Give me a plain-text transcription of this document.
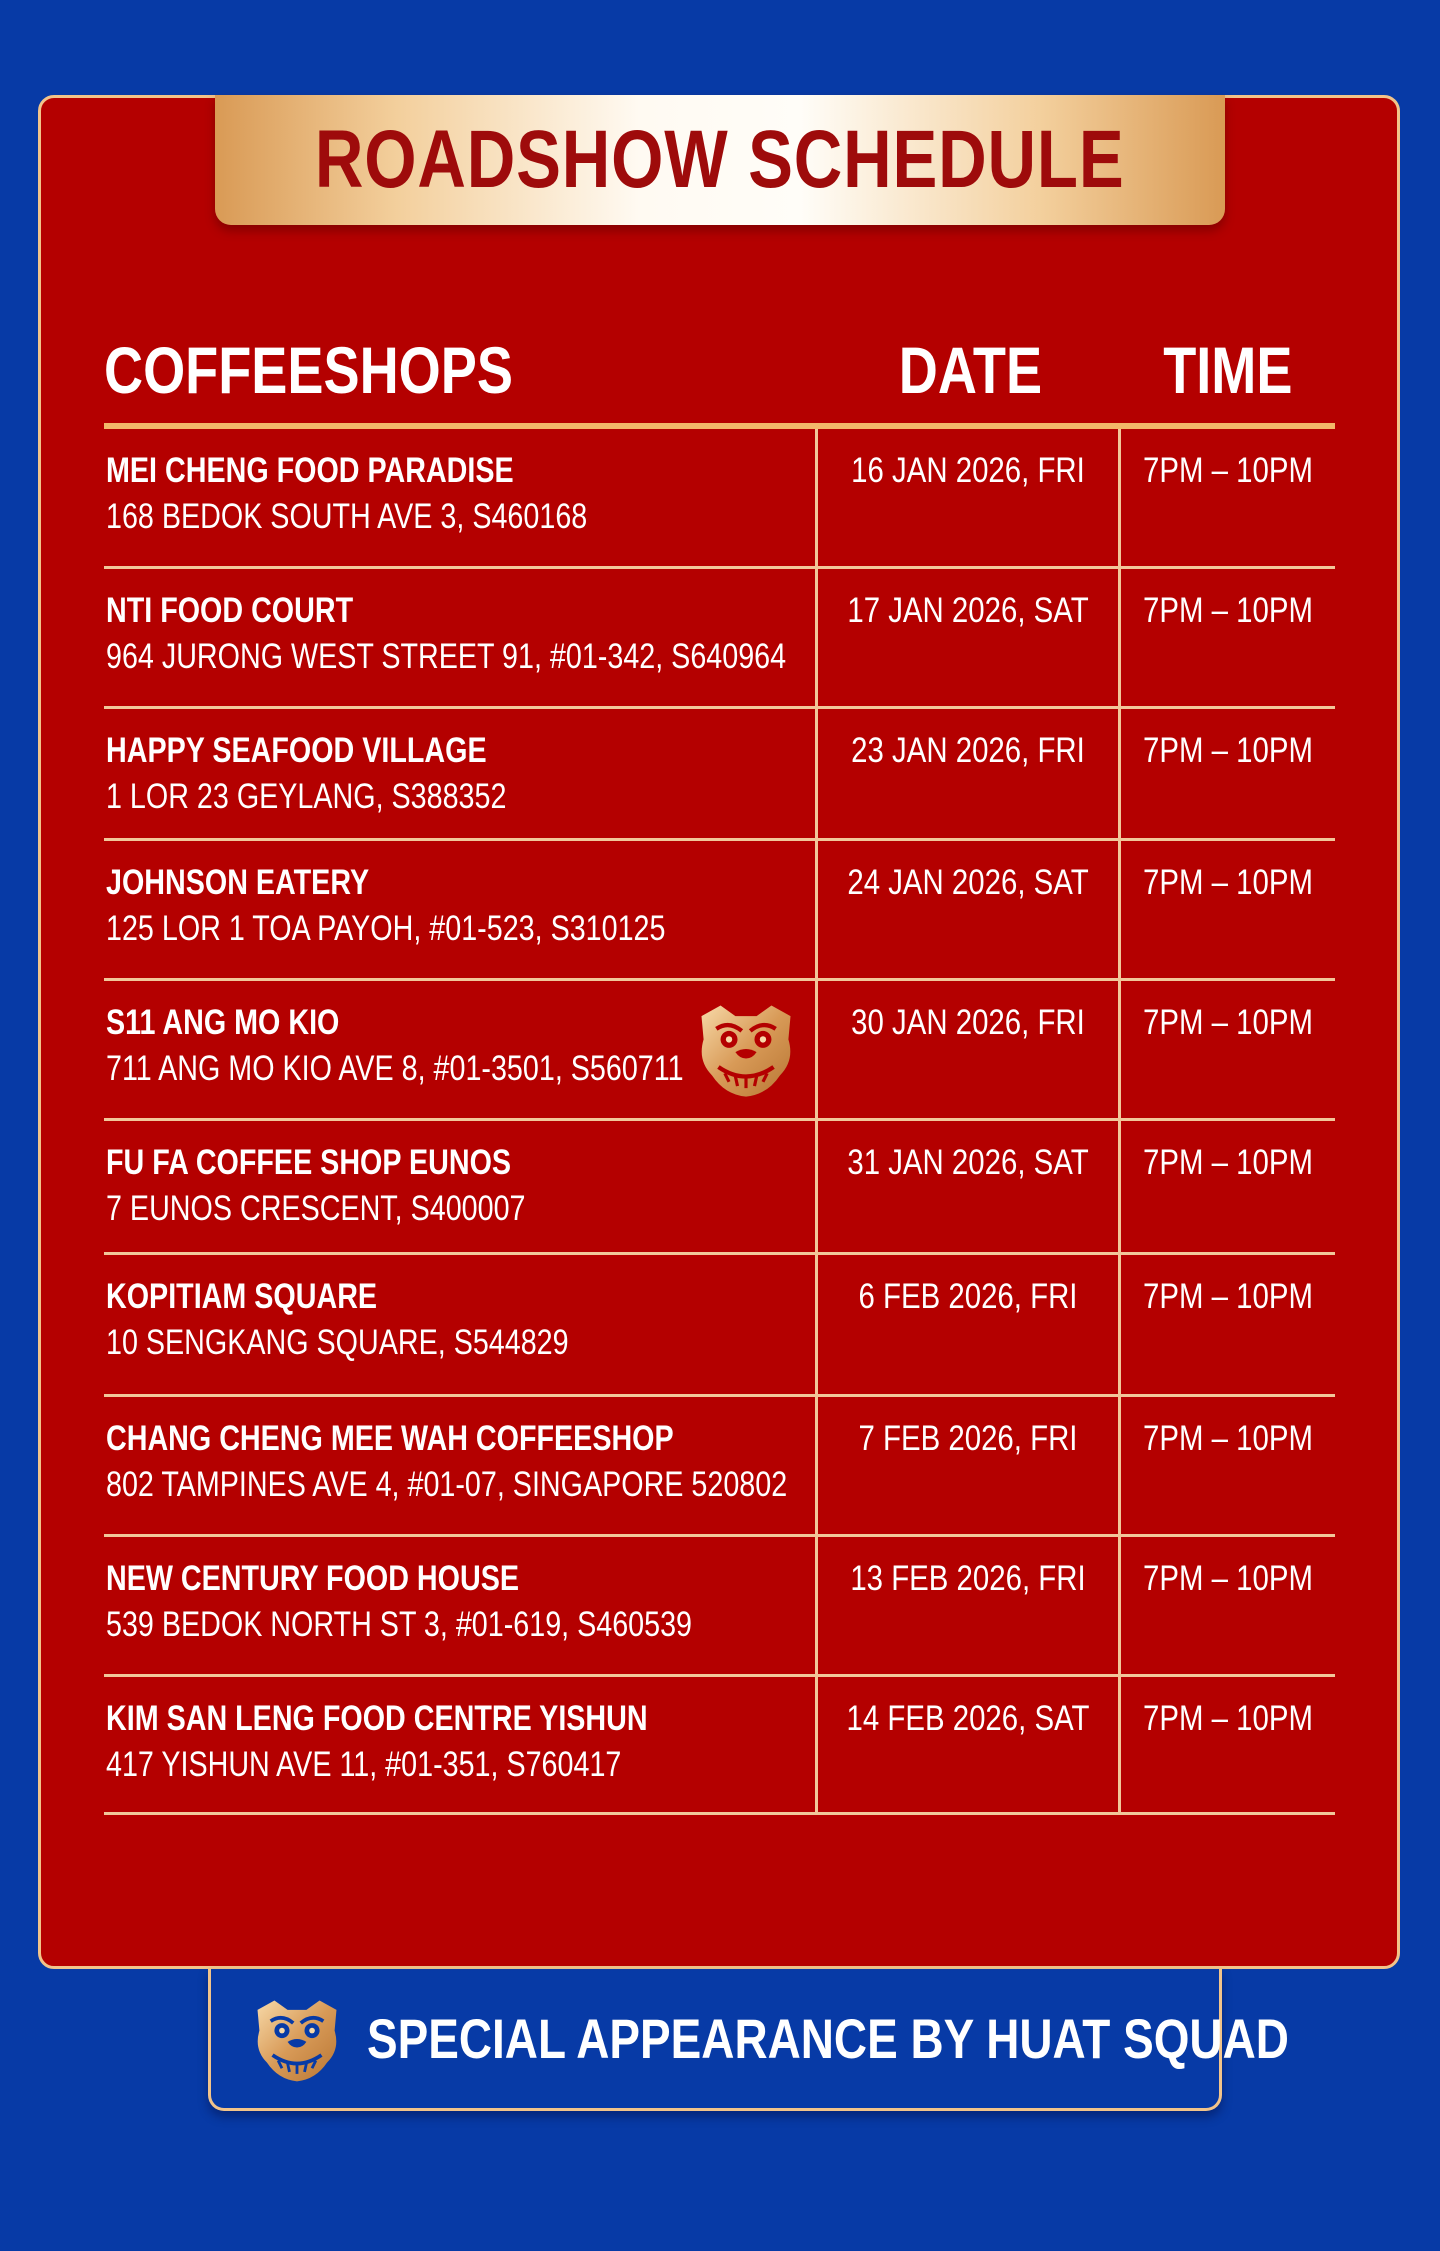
ROADSHOW SCHEDULE
COFFEESHOPS	DATE	TIME
MEI CHENG FOOD PARADISE
168 BEDOK SOUTH AVE 3, S460168
16 JAN 2026, FRI 7PM – 10PM
NTI FOOD COURT
964 JURONG WEST STREET 91, #01-342, S640964
17 JAN 2026, SAT 7PM – 10PM
HAPPY SEAFOOD VILLAGE
1 LOR 23 GEYLANG, S388352
23 JAN 2026, FRI 7PM – 10PM
JOHNSON EATERY
125 LOR 1 TOA PAYOH, #01-523, S310125
24 JAN 2026, SAT 7PM – 10PM
S11 ANG MO KIO
711 ANG MO KIO AVE 8, #01-3501, S560711
30 JAN 2026, FRI 7PM – 10PM
FU FA COFFEE SHOP EUNOS
7 EUNOS CRESCENT, S400007
31 JAN 2026, SAT 7PM – 10PM
KOPITIAM SQUARE
10 SENGKANG SQUARE, S544829
6 FEB 2026, FRI	7PM – 10PM
CHANG CHENG MEE WAH COFFEESHOP
802 TAMPINES AVE 4, #01-07, SINGAPORE 520802
7 FEB 2026, FRI	7PM – 10PM
NEW CENTURY FOOD HOUSE
539 BEDOK NORTH ST 3, #01-619, S460539
13 FEB 2026, FRI 7PM – 10PM
KIM SAN LENG FOOD CENTRE YISHUN
417 YISHUN AVE 11, #01-351, S760417
14 FEB 2026, SAT 7PM – 10PM
SPECIAL APPEARANCE BY HUAT SQUAD
